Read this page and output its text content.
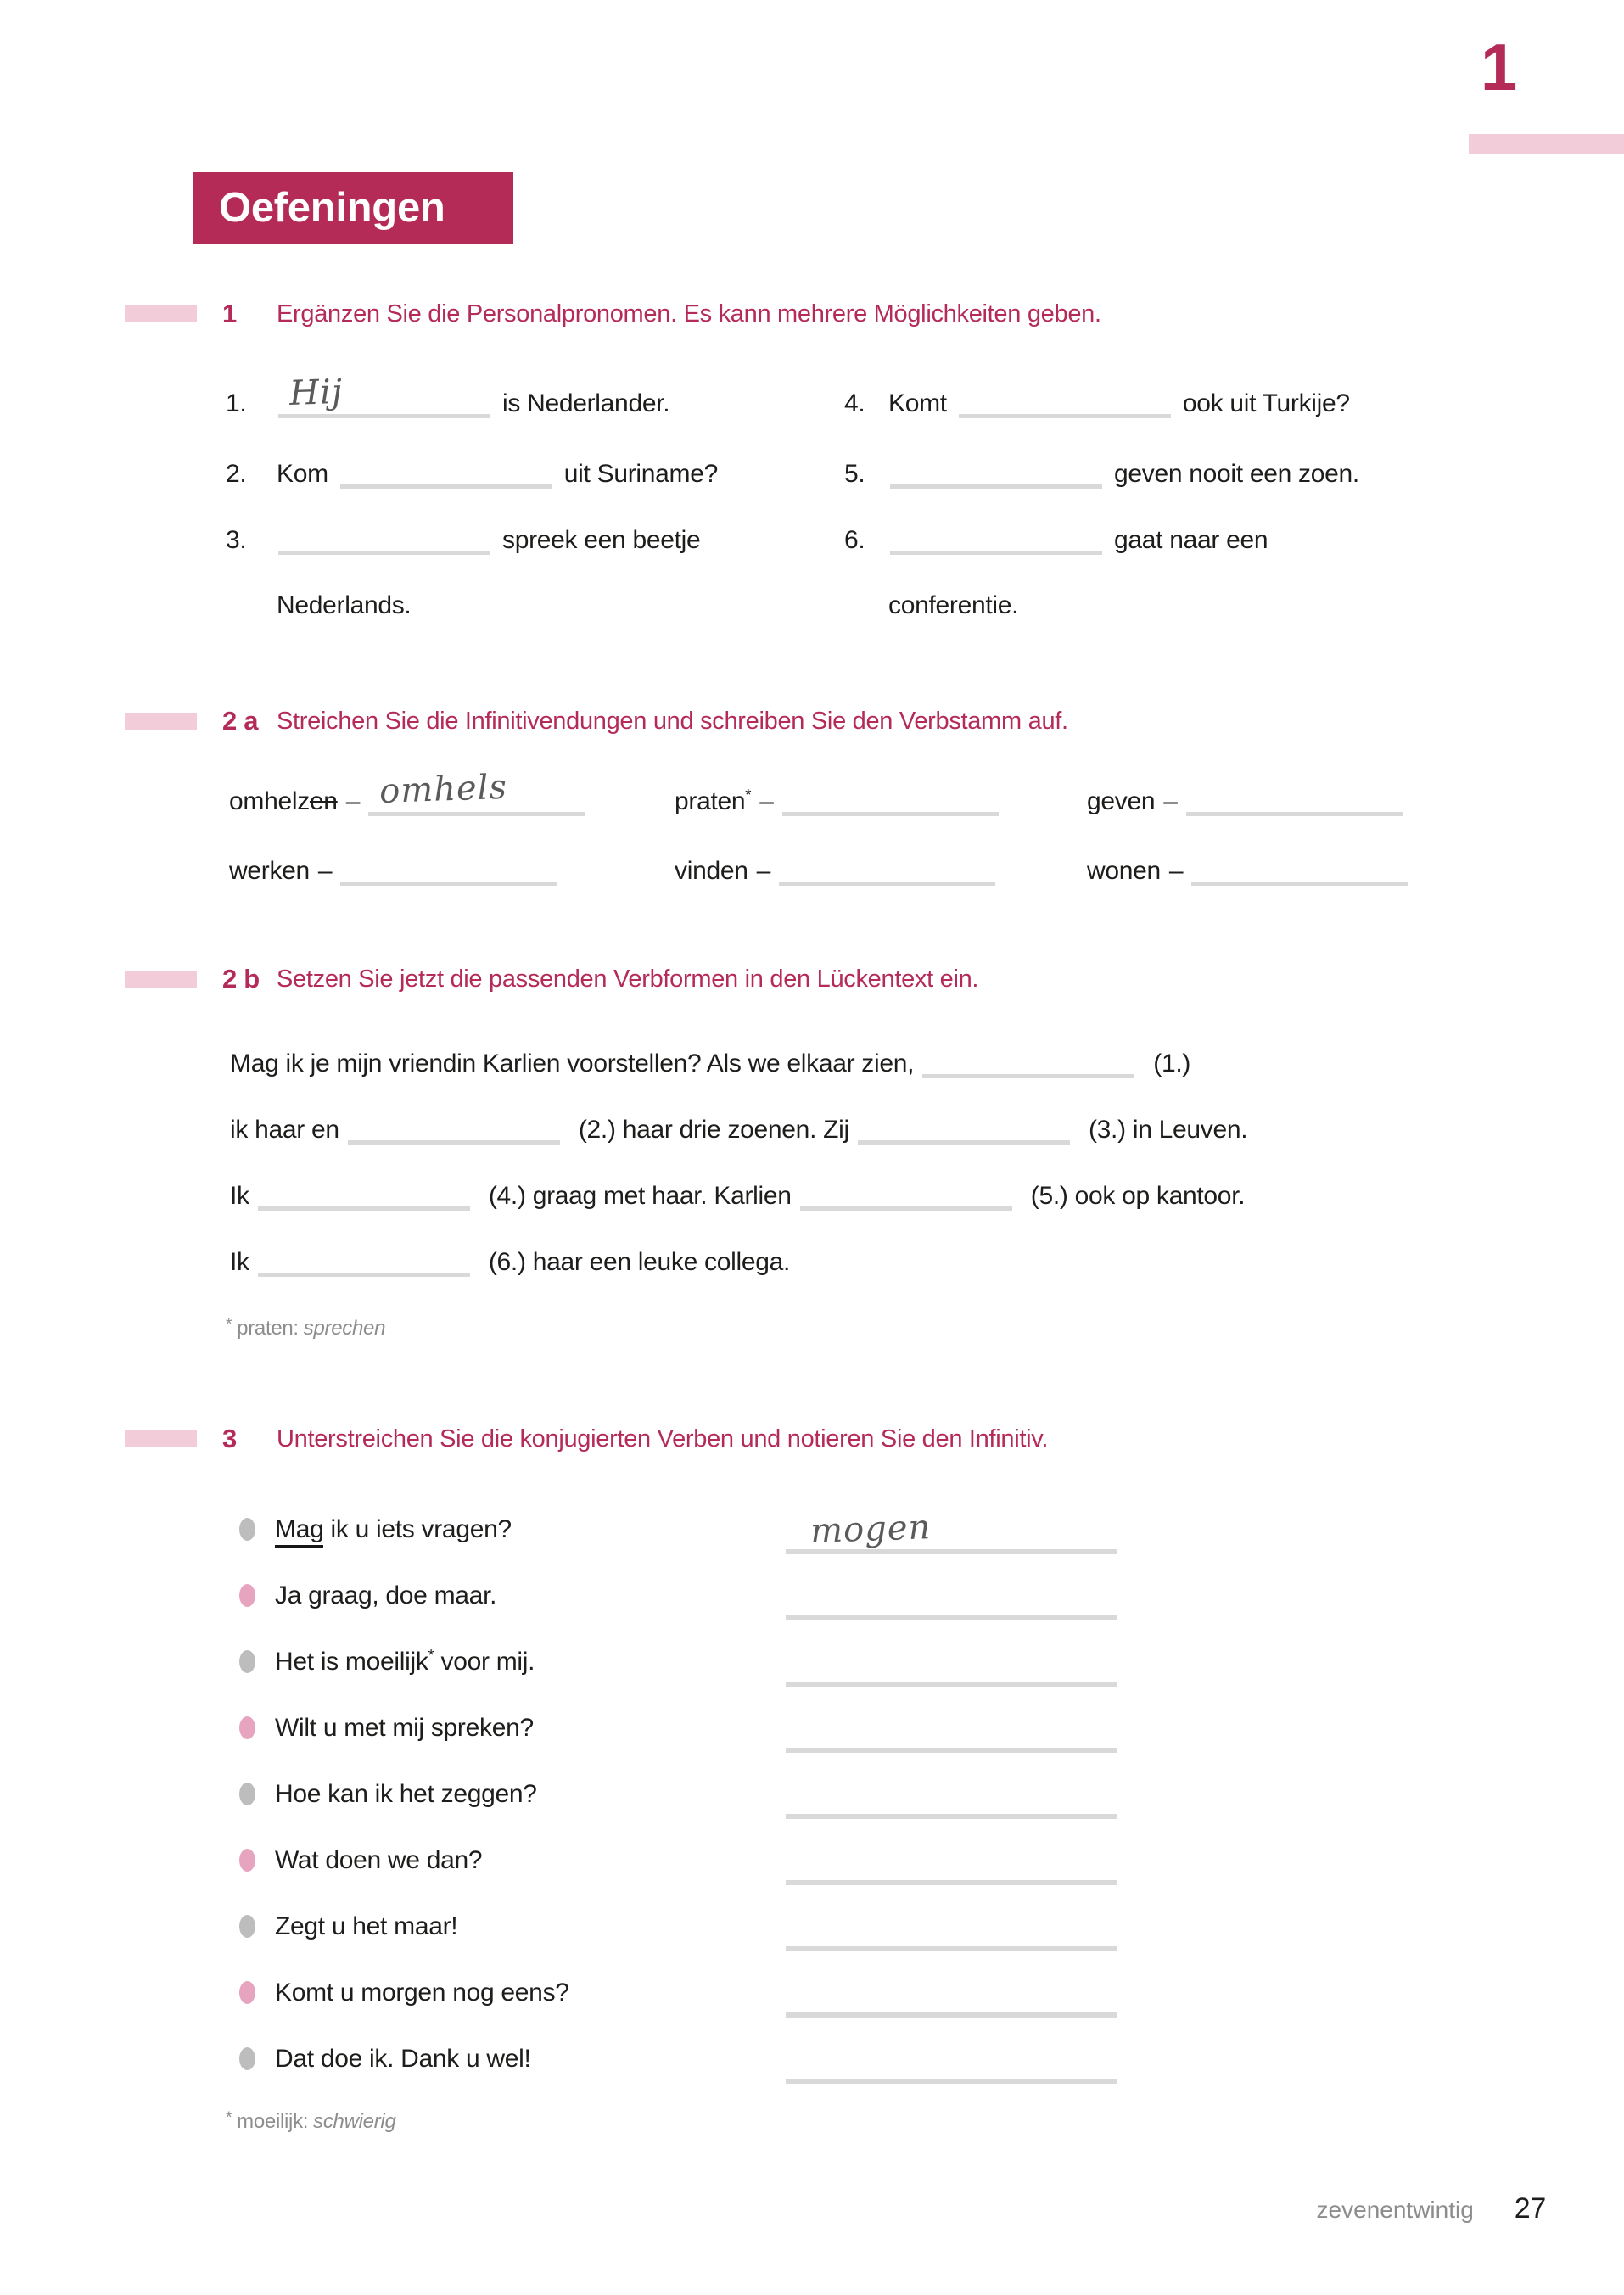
1
Oefeningen
1	Ergänzen Sie die Personalpronomen. Es kann mehrere Möglichkeiten geben.
1. Hij	is Nederlander.
2. Kom	uit Suriname?
3.	spreek een beetje
Nederlands.
4. Komt	ook uit Turkije?
5.	geven nooit een zoen.
6.	gaat naar een
conferentie.
2 a Streichen Sie die Infinitivendungen und schreiben Sie den Verbstamm auf.
omhelzen – omhels	praten* –	geven –
werken –	vinden –	wonen –
2 b Setzen Sie jetzt die passenden Verbformen in den Lückentext ein.
Mag ik je mijn vriendin Karlien voorstellen? Als we elkaar zien,	(1.)
ik haar en	(2.) haar drie zoenen. Zij	(3.) in Leuven.
Ik	(4.) graag met haar. Karlien	(5.) ook op kantoor.
Ik	(6.) haar een leuke collega.
* praten: sprechen
3	Unterstreichen Sie die konjugierten Verben und notieren Sie den Infinitiv.
Mag ik u iets vragen?	mogen
Ja graag, doe maar.
Het is moeilijk* voor mij.
Wilt u met mij spreken?
Hoe kan ik het zeggen?
Wat doen we dan?
Zegt u het maar!
Komt u morgen nog eens?
Dat doe ik. Dank u wel!
* moeilijk: schwierig
zevenentwintig 27
